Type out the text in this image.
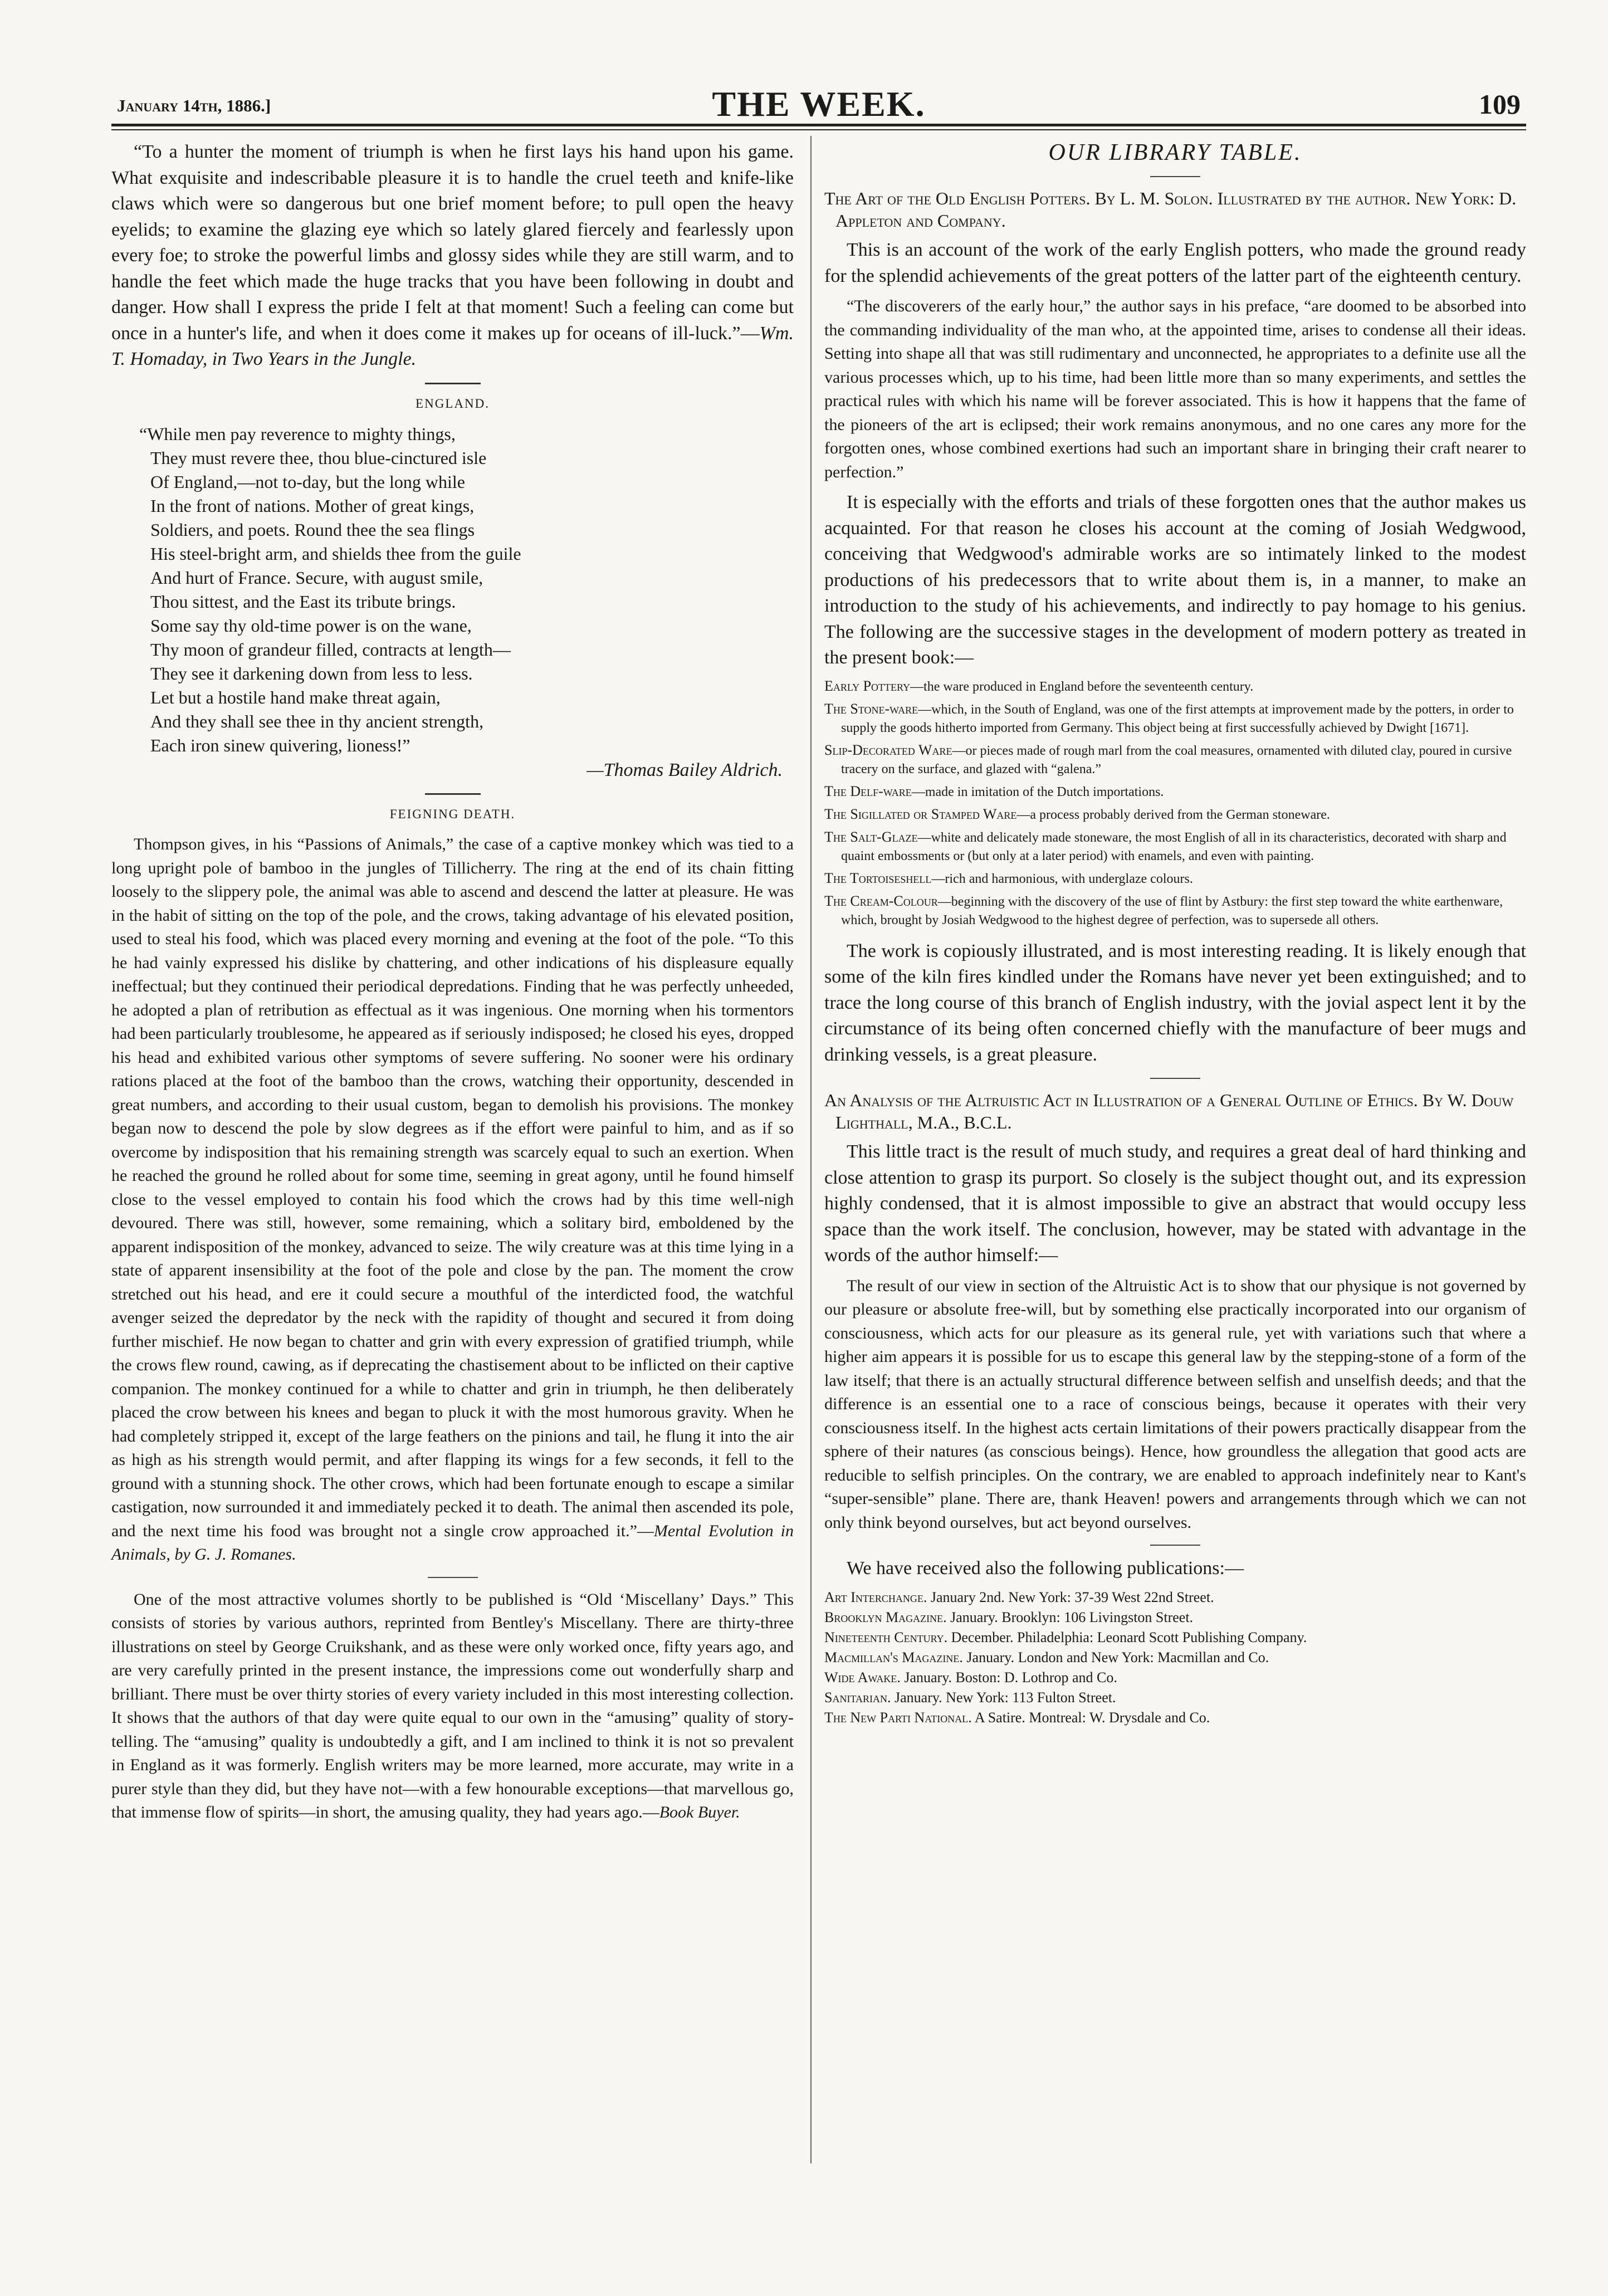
January 14th, 1886.]	THE WEEK.	109

“To a hunter the moment of triumph is when he first lays his hand upon his game. What exquisite and indescribable pleasure it is to handle the cruel teeth and knife-like claws which were so dangerous but one brief moment before; to pull open the heavy eyelids; to examine the glazing eye which so lately glared fiercely and fearlessly upon every foe; to stroke the powerful limbs and glossy sides while they are still warm, and to handle the feet which made the huge tracks that you have been following in doubt and danger. How shall I express the pride I felt at that moment! Such a feeling can come but once in a hunter's life, and when it does come it makes up for oceans of ill-luck.”—Wm. T. Homaday, in Two Years in the Jungle.

ENGLAND.
“While men pay reverence to mighty things,
They must revere thee, thou blue-cinctured isle
Of England,—not to-day, but the long while
In the front of nations. Mother of great kings,
Soldiers, and poets. Round thee the sea flings
His steel-bright arm, and shields thee from the guile
And hurt of France. Secure, with august smile,
Thou sittest, and the East its tribute brings.
Some say thy old-time power is on the wane,
Thy moon of grandeur filled, contracts at length—
They see it darkening down from less to less.
Let but a hostile hand make threat again,
And they shall see thee in thy ancient strength,
Each iron sinew quivering, lioness!”

—Thomas Bailey Aldrich.

FEIGNING DEATH.

Thompson gives, in his “Passions of Animals,” the case of a captive monkey which was tied to a long upright pole of bamboo in the jungles of Tillicherry. The ring at the end of its chain fitting loosely to the slippery pole, the animal was able to ascend and descend the latter at pleasure. He was in the habit of sitting on the top of the pole, and the crows, taking advantage of his elevated position, used to steal his food, which was placed every morning and evening at the foot of the pole. “To this he had vainly expressed his dislike by chattering, and other indications of his displeasure equally ineffectual; but they continued their periodical depredations. Finding that he was perfectly unheeded, he adopted a plan of retribution as effectual as it was ingenious. One morning when his tormentors had been particularly troublesome, he appeared as if seriously indisposed; he closed his eyes, dropped his head and exhibited various other symptoms of severe suffering. No sooner were his ordinary rations placed at the foot of the bamboo than the crows, watching their opportunity, descended in great numbers, and according to their usual custom, began to demolish his provisions. The monkey began now to descend the pole by slow degrees as if the effort were painful to him, and as if so overcome by indisposition that his remaining strength was scarcely equal to such an exertion. When he reached the ground he rolled about for some time, seeming in great agony, until he found himself close to the vessel employed to contain his food which the crows had by this time well-nigh devoured. There was still, however, some remaining, which a solitary bird, emboldened by the apparent indisposition of the monkey, advanced to seize. The wily creature was at this time lying in a state of apparent insensibility at the foot of the pole and close by the pan. The moment the crow stretched out his head, and ere it could secure a mouthful of the interdicted food, the watchful avenger seized the depredator by the neck with the rapidity of thought and secured it from doing further mischief. He now began to chatter and grin with every expression of gratified triumph, while the crows flew round, cawing, as if deprecating the chastisement about to be inflicted on their captive companion. The monkey continued for a while to chatter and grin in triumph, he then deliberately placed the crow between his knees and began to pluck it with the most humorous gravity. When he had completely stripped it, except of the large feathers on the pinions and tail, he flung it into the air as high as his strength would permit, and after flapping its wings for a few seconds, it fell to the ground with a stunning shock. The other crows, which had been fortunate enough to escape a similar castigation, now surrounded it and immediately pecked it to death. The animal then ascended its pole, and the next time his food was brought not a single crow approached it.”—Mental Evolution in Animals, by G. J. Romanes.

One of the most attractive volumes shortly to be published is “Old ‘Miscellany’ Days.” This consists of stories by various authors, reprinted from Bentley's Miscellany. There are thirty-three illustrations on steel by George Cruikshank, and as these were only worked once, fifty years ago, and are very carefully printed in the present instance, the impressions come out wonderfully sharp and brilliant. There must be over thirty stories of every variety included in this most interesting collection. It shows that the authors of that day were quite equal to our own in the “amusing” quality of story-telling. The “amusing” quality is undoubtedly a gift, and I am inclined to think it is not so prevalent in England as it was formerly. English writers may be more learned, more accurate, may write in a purer style than they did, but they have not—with a few honourable exceptions—that marvellous go, that immense flow of spirits—in short, the amusing quality, they had years ago.—Book Buyer.

OUR LIBRARY TABLE.

The Art of the Old English Potters. By L. M. Solon. Illustrated by the author. New York: D. Appleton and Company.

This is an account of the work of the early English potters, who made the ground ready for the splendid achievements of the great potters of the latter part of the eighteenth century.

“The discoverers of the early hour,” the author says in his preface, “are doomed to be absorbed into the commanding individuality of the man who, at the appointed time, arises to condense all their ideas. Setting into shape all that was still rudimentary and unconnected, he appropriates to a definite use all the various processes which, up to his time, had been little more than so many experiments, and settles the practical rules with which his name will be forever associated. This is how it happens that the fame of the pioneers of the art is eclipsed; their work remains anonymous, and no one cares any more for the forgotten ones, whose combined exertions had such an important share in bringing their craft nearer to perfection.”

It is especially with the efforts and trials of these forgotten ones that the author makes us acquainted. For that reason he closes his account at the coming of Josiah Wedgwood, conceiving that Wedgwood's admirable works are so intimately linked to the modest productions of his predecessors that to write about them is, in a manner, to make an introduction to the study of his achievements, and indirectly to pay homage to his genius. The following are the successive stages in the development of modern pottery as treated in the present book:—

Early Pottery—the ware produced in England before the seventeenth century.

The Stone-ware—which, in the South of England, was one of the first attempts at improvement made by the potters, in order to supply the goods hitherto imported from Germany. This object being at first successfully achieved by Dwight [1671].

Slip-Decorated Ware—or pieces made of rough marl from the coal measures, ornamented with diluted clay, poured in cursive tracery on the surface, and glazed with “galena.”

The Delf-ware—made in imitation of the Dutch importations.

The Sigillated or Stamped Ware—a process probably derived from the German stoneware.

The Salt-Glaze—white and delicately made stoneware, the most English of all in its characteristics, decorated with sharp and quaint embossments or (but only at a later period) with enamels, and even with painting.

The Tortoiseshell—rich and harmonious, with underglaze colours.

The Cream-Colour—beginning with the discovery of the use of flint by Astbury: the first step toward the white earthenware, which, brought by Josiah Wedgwood to the highest degree of perfection, was to supersede all others.

The work is copiously illustrated, and is most interesting reading. It is likely enough that some of the kiln fires kindled under the Romans have never yet been extinguished; and to trace the long course of this branch of English industry, with the jovial aspect lent it by the circumstance of its being often concerned chiefly with the manufacture of beer mugs and drinking vessels, is a great pleasure.

An Analysis of the Altruistic Act in Illustration of a General Outline of Ethics. By W. Douw Lighthall, M.A., B.C.L.

This little tract is the result of much study, and requires a great deal of hard thinking and close attention to grasp its purport. So closely is the subject thought out, and its expression highly condensed, that it is almost impossible to give an abstract that would occupy less space than the work itself. The conclusion, however, may be stated with advantage in the words of the author himself:—

The result of our view in section of the Altruistic Act is to show that our physique is not governed by our pleasure or absolute free-will, but by something else practically incorporated into our organism of consciousness, which acts for our pleasure as its general rule, yet with variations such that where a higher aim appears it is possible for us to escape this general law by the stepping-stone of a form of the law itself; that there is an actually structural difference between selfish and unselfish deeds; and that the difference is an essential one to a race of conscious beings, because it operates with their very consciousness itself. In the highest acts certain limitations of their powers practically disappear from the sphere of their natures (as conscious beings). Hence, how groundless the allegation that good acts are reducible to selfish principles. On the contrary, we are enabled to approach indefinitely near to Kant's “super-sensible” plane. There are, thank Heaven! powers and arrangements through which we can not only think beyond ourselves, but act beyond ourselves.

We have received also the following publications:—

Art Interchange. January 2nd. New York: 37-39 West 22nd Street.

Brooklyn Magazine. January. Brooklyn: 106 Livingston Street.

Nineteenth Century. December. Philadelphia: Leonard Scott Publishing Company.

Macmillan's Magazine. January. London and New York: Macmillan and Co.

Wide Awake. January. Boston: D. Lothrop and Co.

Sanitarian. January. New York: 113 Fulton Street.

The New Parti National. A Satire. Montreal: W. Drysdale and Co.
